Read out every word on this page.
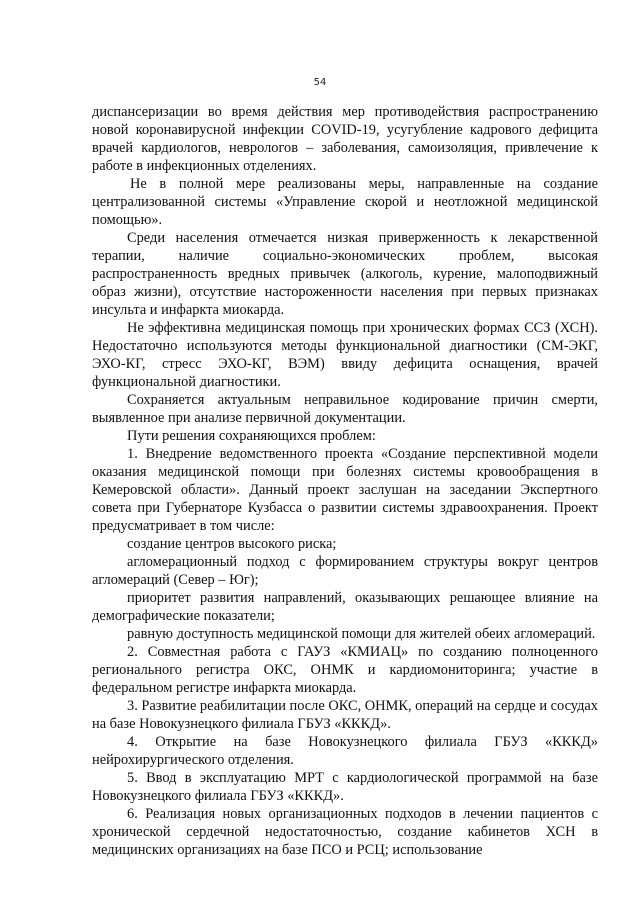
54

диспансеризации во время действия мер противодействия распространению новой коронавирусной инфекции COVID-19, усугубление кадрового дефицита врачей кардиологов, неврологов – заболевания, самоизоляция, привлечение к работе в инфекционных отделениях.

Не в полной мере реализованы меры, направленные на создание централизованной системы «Управление скорой и неотложной медицинской помощью».

Среди населения отмечается низкая приверженность к лекарственной терапии, наличие социально-экономических проблем, высокая распространенность вредных привычек (алкоголь, курение, малоподвижный образ жизни), отсутствие настороженности населения при первых признаках инсульта и инфаркта миокарда.

Не эффективна медицинская помощь при хронических формах ССЗ (ХСН). Недостаточно используются методы функциональной диагностики (СМ-ЭКГ, ЭХО-КГ, стресс ЭХО-КГ, ВЭМ) ввиду дефицита оснащения, врачей функциональной диагностики.

Сохраняется актуальным неправильное кодирование причин смерти, выявленное при анализе первичной документации.

Пути решения сохраняющихся проблем:

1. Внедрение ведомственного проекта «Создание перспективной модели оказания медицинской помощи при болезнях системы кровообращения в Кемеровской области». Данный проект заслушан на заседании Экспертного совета при Губернаторе Кузбасса о развитии системы здравоохранения. Проект предусматривает в том числе:

создание центров высокого риска;

агломерационный подход с формированием структуры вокруг центров агломераций (Север – Юг);

приоритет развития направлений, оказывающих решающее влияние на демографические показатели;

равную доступность медицинской помощи для жителей обеих агломераций.

2. Совместная работа с ГАУЗ «КМИАЦ» по созданию полноценного регионального регистра ОКС, ОНМК и кардиомониторинга; участие в федеральном регистре инфаркта миокарда.

3. Развитие реабилитации после ОКС, ОНМК, операций на сердце и сосудах на базе Новокузнецкого филиала ГБУЗ «КККД».

4. Открытие на базе Новокузнецкого филиала ГБУЗ «КККД» нейрохирургического отделения.

5. Ввод в эксплуатацию МРТ с кардиологической программой на базе Новокузнецкого филиала ГБУЗ «КККД».

6. Реализация новых организационных подходов в лечении пациентов с хронической сердечной недостаточностью, создание кабинетов ХСН в медицинских организациях на базе ПСО и РСЦ; использование
